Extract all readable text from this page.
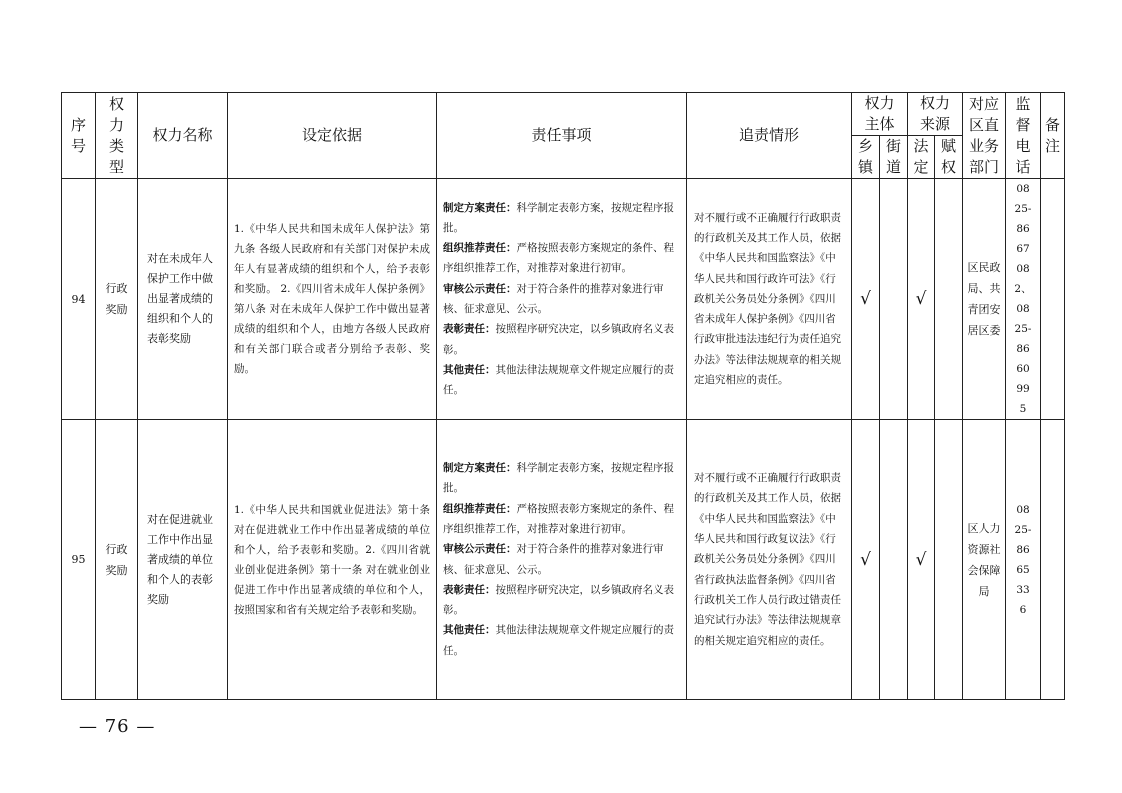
序号	权力类型	权力名称	设定依据	责任事项	追责情形	权力主体		权力来源		对应区直业务部门	监督电话	备注

						乡镇	街道	法定	赋权			

94	行政奖励	对在未成年人保护工作中做出显著成绩的组织和个人的表彰奖励	1.《中华人民共和国未成年人保护法》第九条 各级人民政府和有关部门对保护未成年人有显著成绩的组织和个人，给予表彰和奖励。 2.《四川省未成年人保护条例》第八条 对在未成年人保护工作中做出显著成绩的组织和个人，由地方各级人民政府和有关部门联合或者分别给予表彰、奖励。	制定方案责任：科学制定表彰方案，按规定程序报批。
组织推荐责任：严格按照表彰方案规定的条件、程序组织推荐工作，对推荐对象进行初审。
审核公示责任：对于符合条件的推荐对象进行审核、征求意见、公示。
表彰责任：按照程序研究决定，以乡镇政府名义表彰。
其他责任：其他法律法规规章文件规定应履行的责任。	对不履行或不正确履行行政职责的行政机关及其工作人员，依据《中华人民共和国监察法》《中华人民共和国行政许可法》《行政机关公务员处分条例》《四川省未成年人保护条例》《四川省行政审批违法违纪行为责任追究办法》等法律法规规章的相关规定追究相应的责任。	√		√		区民政局、共青团安居区委	0825-8667082、0825-8660995	

95	行政奖励	对在促进就业工作中作出显著成绩的单位和个人的表彰奖励	1.《中华人民共和国就业促进法》第十条 对在促进就业工作中作出显著成绩的单位和个人，给予表彰和奖励。2.《四川省就业创业促进条例》第十一条 对在就业创业促进工作中作出显著成绩的单位和个人，按照国家和省有关规定给予表彰和奖励。	制定方案责任：科学制定表彰方案，按规定程序报批。
组织推荐责任：严格按照表彰方案规定的条件、程序组织推荐工作，对推荐对象进行初审。
审核公示责任：对于符合条件的推荐对象进行审核、征求意见、公示。
表彰责任：按照程序研究决定，以乡镇政府名义表彰。
其他责任：其他法律法规规章文件规定应履行的责任。	对不履行或不正确履行行政职责的行政机关及其工作人员，依据《中华人民共和国监察法》《中华人民共和国行政复议法》《行政机关公务员处分条例》《四川省行政执法监督条例》《四川省行政机关工作人员行政过错责任追究试行办法》等法律法规规章的相关规定追究相应的责任。	√		√		区人力资源社会保障局	0825-8665336	

— 76 —
